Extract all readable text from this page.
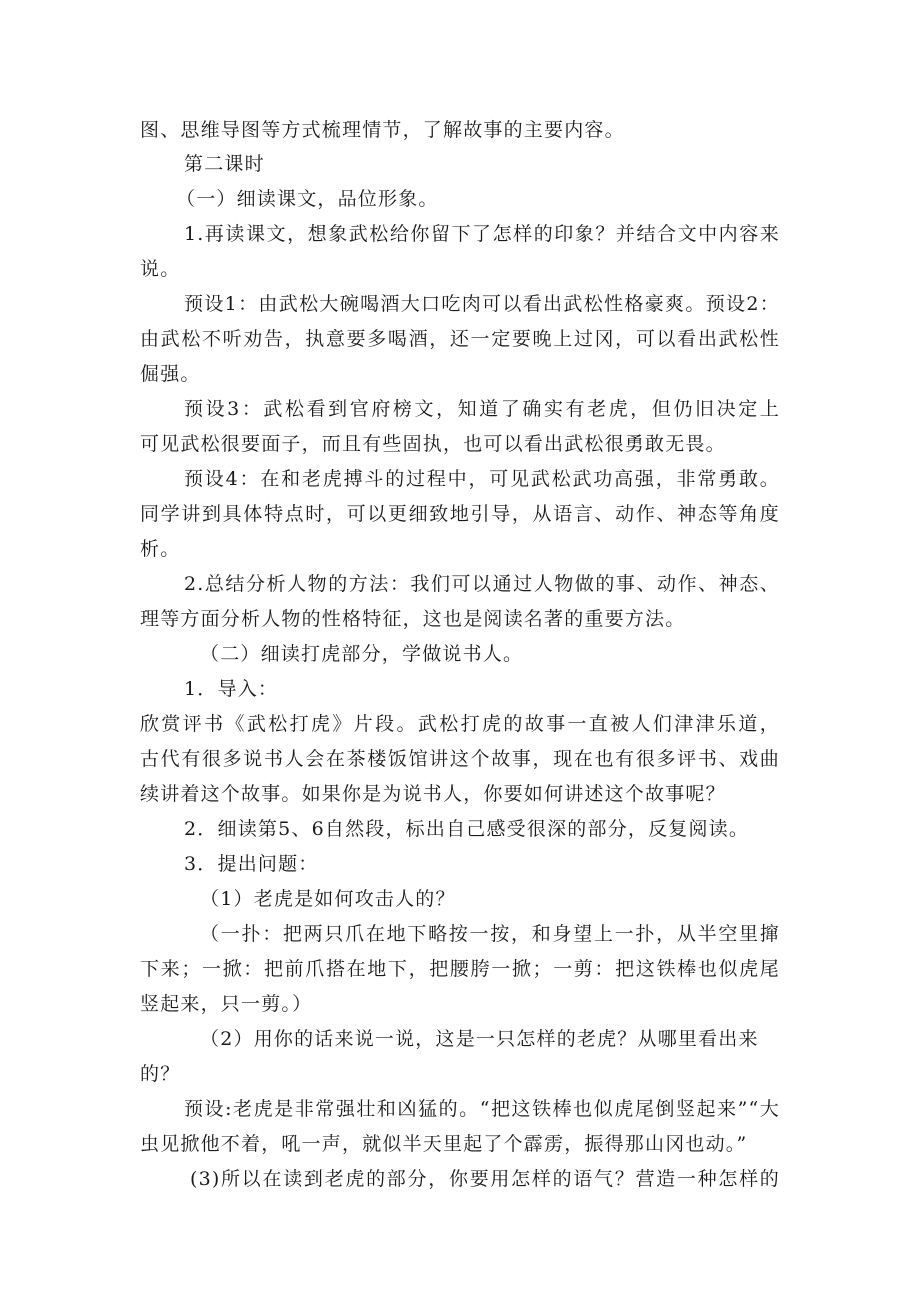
图、思维导图等方式梳理情节，了解故事的主要内容。
第二课时
（一）细读课文，品位形象。
1.再读课文，想象武松给你留下了怎样的印象？并结合文中内容来
说。
预设1：由武松大碗喝酒大口吃肉可以看出武松性格豪爽。预设2：
由武松不听劝告，执意要多喝酒，还一定要晚上过冈，可以看出武松性
倔强。
预设3：武松看到官府榜文，知道了确实有老虎，但仍旧决定上
可见武松很要面子，而且有些固执，也可以看出武松很勇敢无畏。
预设4：在和老虎搏斗的过程中，可见武松武功高强，非常勇敢。
同学讲到具体特点时，可以更细致地引导，从语言、动作、神态等角度
析。
2.总结分析人物的方法：我们可以通过人物做的事、动作、神态、
理等方面分析人物的性格特征，这也是阅读名著的重要方法。
（二）细读打虎部分，学做说书人。
1．导入：
欣赏评书《武松打虎》片段。武松打虎的故事一直被人们津津乐道，
古代有很多说书人会在茶楼饭馆讲这个故事，现在也有很多评书、戏曲
续讲着这个故事。如果你是为说书人，你要如何讲述这个故事呢？
2．细读第5、6自然段，标出自己感受很深的部分，反复阅读。
3．提出问题：
（1）老虎是如何攻击人的？
（一扑：把两只爪在地下略按一按，和身望上一扑，从半空里撺
下来；一掀：把前爪搭在地下，把腰胯一掀；一剪：把这铁棒也似虎尾
竖起来，只一剪。）
（2）用你的话来说一说，这是一只怎样的老虎？从哪里看出来
的？
预设:老虎是非常强壮和凶猛的。“把这铁棒也似虎尾倒竖起来”“大
虫见掀他不着，吼一声，就似半天里起了个霹雳，振得那山冈也动。”
(3)所以在读到老虎的部分，你要用怎样的语气？营造一种怎样的
